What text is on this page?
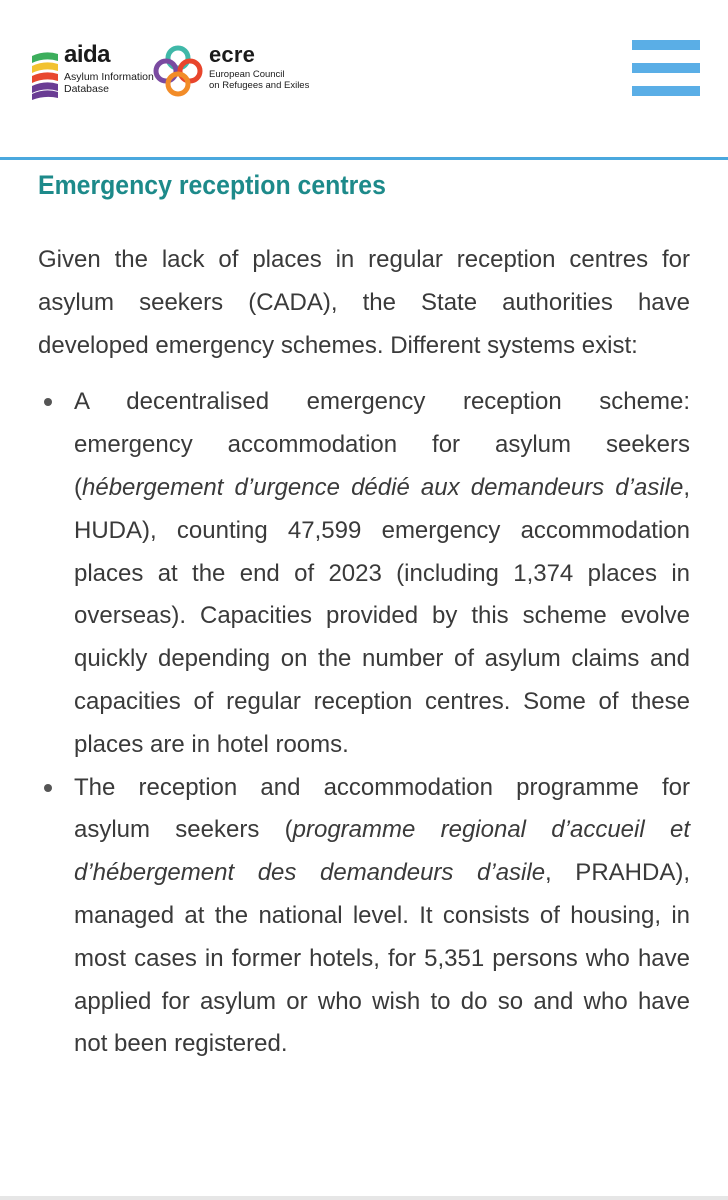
aida
Asylum Information
Database
ecre
European Council
on Refugees and Exiles
Emergency reception centres

Given the lack of places in regular reception centres for asylum seekers (CADA), the State authorities have developed emergency schemes. Different systems exist:

A decentralised emergency reception scheme: emergency accommodation for asylum seekers (hébergement d’urgence dédié aux demandeurs d’asile, HUDA), counting 47,599 emergency accommodation places at the end of 2023 (including 1,374 places in overseas). Capacities provided by this scheme evolve quickly depending on the number of asylum claims and capacities of regular reception centres. Some of these places are in hotel rooms.
The reception and accommodation programme for asylum seekers (programme regional d’accueil et d’hébergement des demandeurs d’asile, PRAHDA), managed at the national level. It consists of housing, in most cases in former hotels, for 5,351 persons who have applied for asylum or who wish to do so and who have not been registered.
